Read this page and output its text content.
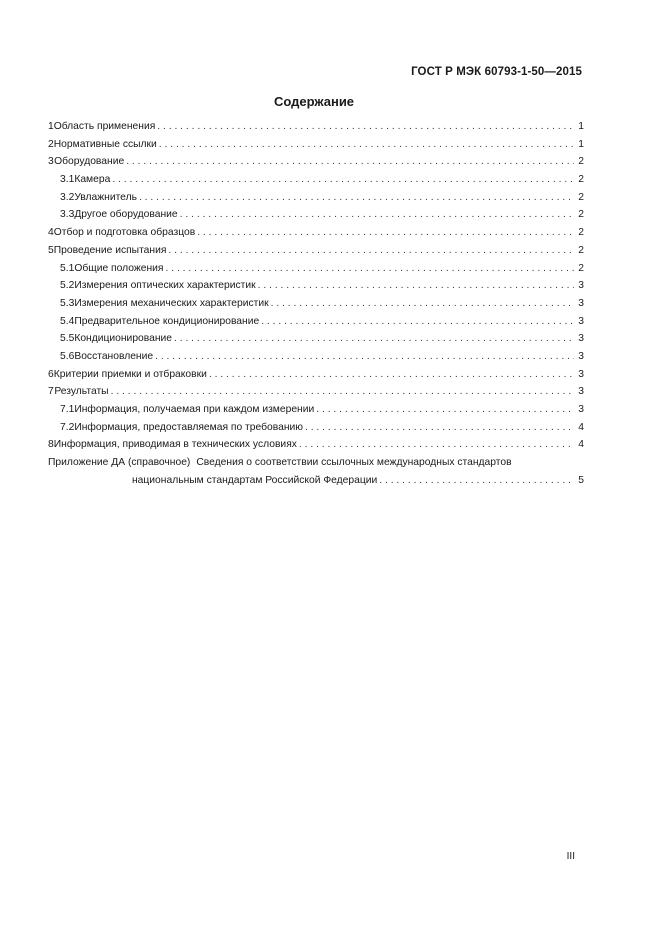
ГОСТ Р МЭК 60793-1-50—2015
Содержание
1 Область применения . . .	1
2 Нормативные ссылки . . .	1
3 Оборудование . . .	2
3.1 Камера . . .	2
3.2 Увлажнитель . . .	2
3.3 Другое оборудование . . .	2
4 Отбор и подготовка образцов . . .	2
5 Проведение испытания . . .	2
5.1 Общие положения . . .	2
5.2 Измерения оптических характеристик . . .	3
5.3 Измерения механических характеристик . . .	3
5.4 Предварительное кондиционирование . . .	3
5.5 Кондиционирование . . .	3
5.6 Восстановление . . .	3
6 Критерии приемки и отбраковки . . .	3
7 Результаты . . .	3
7.1 Информация, получаемая при каждом измерении . . .	3
7.2 Информация, предоставляемая по требованию . . .	4
8 Информация, приводимая в технических условиях . . .	4
Приложение ДА (справочное) Сведения о соответствии ссылочных международных стандартов
национальным стандартам Российской Федерации . . .	5
III
